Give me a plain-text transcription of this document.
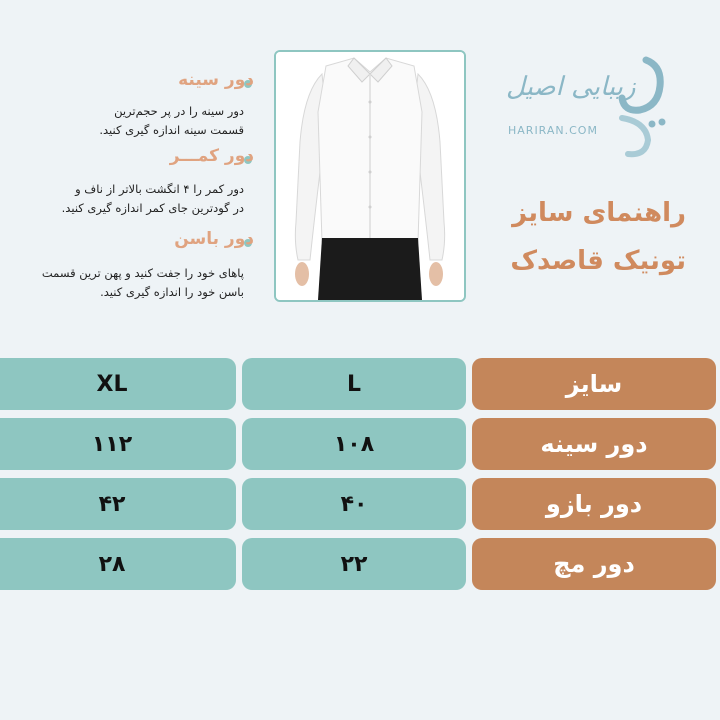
دور سینه
دور سینه را در پر حجم‌ترین
قسمت سینه اندازه گیری کنید.
دور کمـــر
دور کمر را ۴ انگشت بالاتر از ناف و
در گودترین جای کمر اندازه گیری کنید.
دور باسن
پاهای خود را جفت کنید و پهن ترین قسمت
باسن خود را اندازه گیری کنید.
زیبایی اصیل
HARIRAN.COM
راهنمای سایز
تونیک قاصدک
XL	L	سایز
۱۱۲	۱۰۸	دور سینه
۴۲	۴۰	دور بازو
۲۸	۲۲	دور مچ
